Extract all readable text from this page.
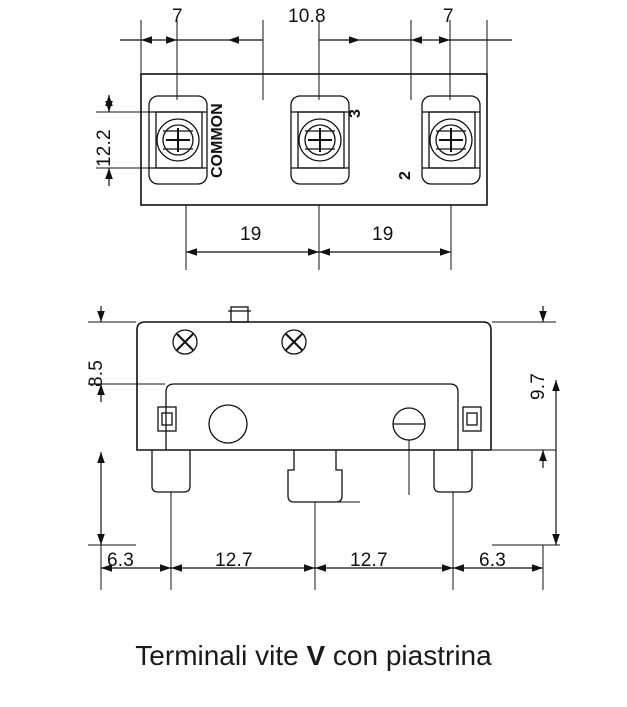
COMMON	3
2
7	10.8	7
12.2
19	19
8.5	9.7
6.3	12.7	12.7	6.3
Terminali vite V con piastrina
